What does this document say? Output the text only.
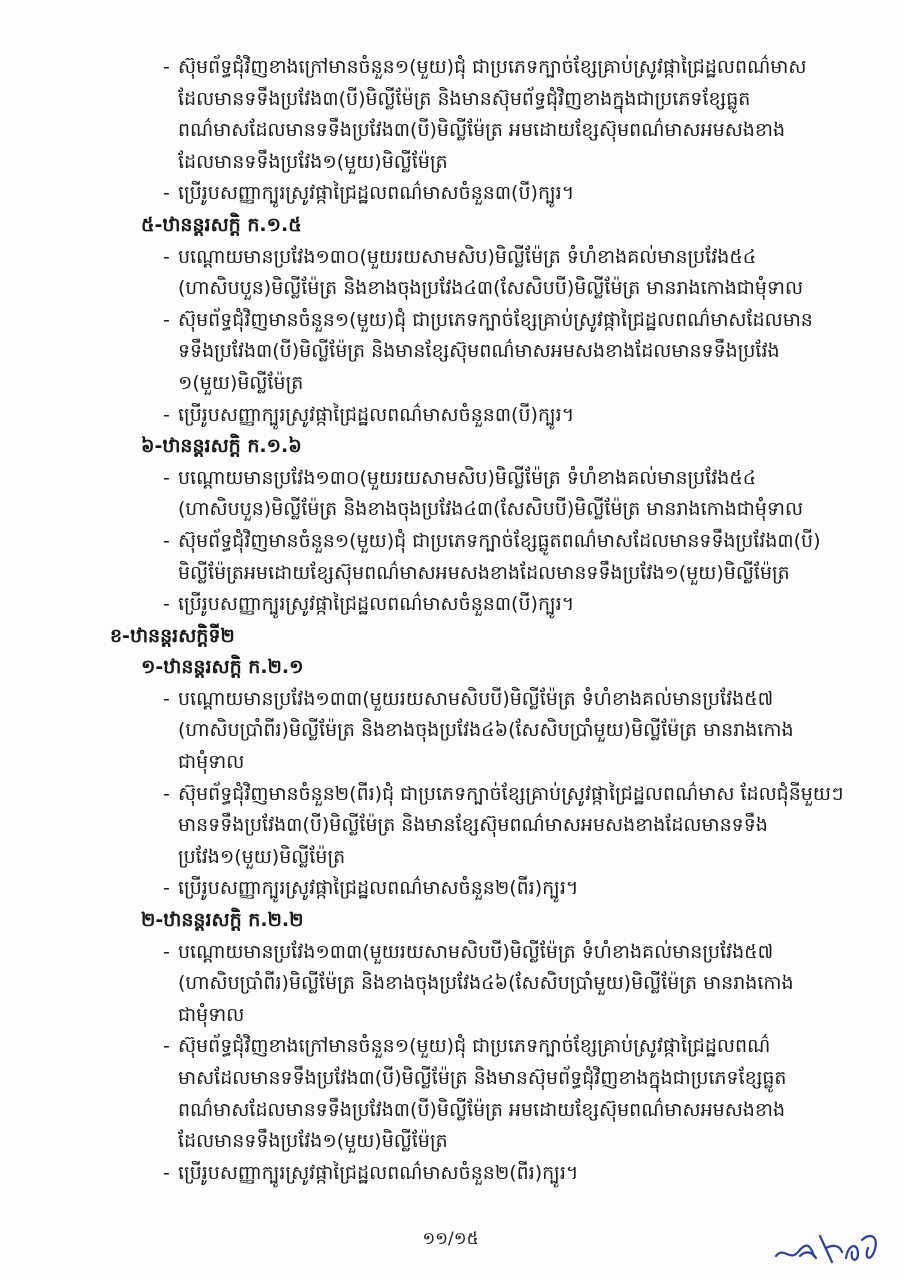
- ស៊ុមព័ទ្ធជុំវិញខាងក្រៅមានចំនួន១(មួយ)ជុំ ជាប្រភេទក្បាច់ខ្សែគ្រាប់ស្រូវផ្កាជ្រៃដ្ឋលពណ៌មាស
ដែលមានទទឹងប្រវែង៣(បី)មិល្លីម៉ែត្រ និងមានស៊ុមព័ទ្ធជុំវិញខាងក្នុងជាប្រភេទខ្សែធ្លូត
ពណ៌មាសដែលមានទទឹងប្រវែង៣(បី)មិល្លីម៉ែត្រ អមដោយខ្សែស៊ុមពណ៌មាសអមសងខាង
ដែលមានទទឹងប្រវែង១(មួយ)មិល្លីម៉ែត្រ
- ប្រើរូបសញ្ញាក្បូរស្រូវផ្កាជ្រៃដ្ឋលពណ៌មាសចំនួន៣(បី)ក្បូរ។
៥-ឋានន្តរសក្តិ ក.១.៥
- បណ្តោយមានប្រវែង១៣០(មួយរយសាមសិប)មិល្លីម៉ែត្រ ទំហំខាងគល់មានប្រវែង៥៤
(ហាសិបបួន)មិល្លីម៉ែត្រ និងខាងចុងប្រវែង៤៣(សែសិបបី)មិល្លីម៉ែត្រ មានរាងកោងជាមុំទាល
- ស៊ុមព័ទ្ធជុំវិញមានចំនួន១(មួយ)ជុំ ជាប្រភេទក្បាច់ខ្សែគ្រាប់ស្រូវផ្កាជ្រៃដ្ឋលពណ៌មាសដែលមាន
ទទឹងប្រវែង៣(បី)មិល្លីម៉ែត្រ និងមានខ្សែស៊ុមពណ៌មាសអមសងខាងដែលមានទទឹងប្រវែង
១(មួយ)មិល្លីម៉ែត្រ
- ប្រើរូបសញ្ញាក្បូរស្រូវផ្កាជ្រៃដ្ឋលពណ៌មាសចំនួន៣(បី)ក្បូរ។
៦-ឋានន្តរសក្តិ ក.១.៦
- បណ្តោយមានប្រវែង១៣០(មួយរយសាមសិប)មិល្លីម៉ែត្រ ទំហំខាងគល់មានប្រវែង៥៤
(ហាសិបបួន)មិល្លីម៉ែត្រ និងខាងចុងប្រវែង៤៣(សែសិបបី)មិល្លីម៉ែត្រ មានរាងកោងជាមុំទាល
- ស៊ុមព័ទ្ធជុំវិញមានចំនួន១(មួយ)ជុំ ជាប្រភេទក្បាច់ខ្សែធ្លូតពណ៌មាសដែលមានទទឹងប្រវែង៣(បី)
មិល្លីម៉ែត្រអមដោយខ្សែស៊ុមពណ៌មាសអមសងខាងដែលមានទទឹងប្រវែង១(មួយ)មិល្លីម៉ែត្រ
- ប្រើរូបសញ្ញាក្បូរស្រូវផ្កាជ្រៃដ្ឋលពណ៌មាសចំនួន៣(បី)ក្បូរ។
ខ-ឋានន្តរសក្តិទី២
១-ឋានន្តរសក្តិ ក.២.១
- បណ្តោយមានប្រវែង១៣៣(មួយរយសាមសិបបី)មិល្លីម៉ែត្រ ទំហំខាងគល់មានប្រវែង៥៧
(ហាសិបប្រាំពីរ)មិល្លីម៉ែត្រ និងខាងចុងប្រវែង៤៦(សែសិបប្រាំមួយ)មិល្លីម៉ែត្រ មានរាងកោង
ជាមុំទាល
- ស៊ុមព័ទ្ធជុំវិញមានចំនួន២(ពីរ)ជុំ ជាប្រភេទក្បាច់ខ្សែគ្រាប់ស្រូវផ្កាជ្រៃដ្ឋលពណ៌មាស ដែលជុំនីមួយៗ
មានទទឹងប្រវែង៣(បី)មិល្លីម៉ែត្រ និងមានខ្សែស៊ុមពណ៌មាសអមសងខាងដែលមានទទឹង
ប្រវែង១(មួយ)មិល្លីម៉ែត្រ
- ប្រើរូបសញ្ញាក្បូរស្រូវផ្កាជ្រៃដ្ឋលពណ៌មាសចំនួន២(ពីរ)ក្បូរ។
២-ឋានន្តរសក្តិ ក.២.២
- បណ្តោយមានប្រវែង១៣៣(មួយរយសាមសិបបី)មិល្លីម៉ែត្រ ទំហំខាងគល់មានប្រវែង៥៧
(ហាសិបប្រាំពីរ)មិល្លីម៉ែត្រ និងខាងចុងប្រវែង៤៦(សែសិបប្រាំមួយ)មិល្លីម៉ែត្រ មានរាងកោង
ជាមុំទាល
- ស៊ុមព័ទ្ធជុំវិញខាងក្រៅមានចំនួន១(មួយ)ជុំ ជាប្រភេទក្បាច់ខ្សែគ្រាប់ស្រូវផ្កាជ្រៃដ្ឋលពណ៌
មាសដែលមានទទឹងប្រវែង៣(បី)មិល្លីម៉ែត្រ និងមានស៊ុមព័ទ្ធជុំវិញខាងក្នុងជាប្រភេទខ្សែធ្លូត
ពណ៌មាសដែលមានទទឹងប្រវែង៣(បី)មិល្លីម៉ែត្រ អមដោយខ្សែស៊ុមពណ៌មាសអមសងខាង
ដែលមានទទឹងប្រវែង១(មួយ)មិល្លីម៉ែត្រ
- ប្រើរូបសញ្ញាក្បូរស្រូវផ្កាជ្រៃដ្ឋលពណ៌មាសចំនួន២(ពីរ)ក្បូរ។
១១/១៥
